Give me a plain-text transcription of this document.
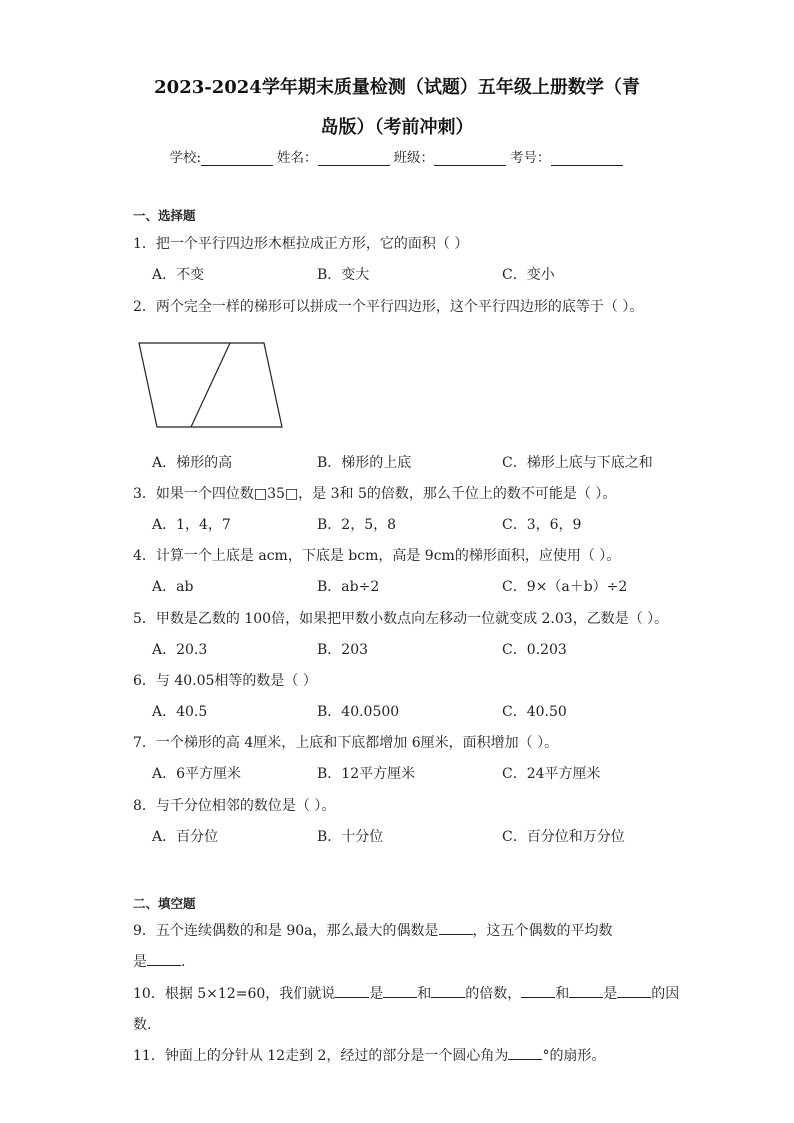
2023-2024学年期末质量检测（试题）五年级上册数学（青
岛版）（考前冲刺）
学校:	姓名：	班级：	考号：
一、选择题
1．把一个平行四边形木框拉成正方形，它的面积（ ）
A．不变	B．变大	C．变小
2．两个完全一样的梯形可以拼成一个平行四边形，这个平行四边形的底等于（ ）。
A．梯形的高	B．梯形的上底	C．梯形上底与下底之和
3．如果一个四位数□35□，是 3和 5的倍数，那么千位上的数不可能是（ ）。
A．1，4，7	B．2，5，8	C．3，6，9
4．计算一个上底是 acm，下底是 bcm，高是 9cm的梯形面积，应使用（ ）。
A．ab	B．ab÷2	C．9×（a＋b）÷2
5．甲数是乙数的 100倍，如果把甲数小数点向左移动一位就变成 2.03，乙数是（ ）。
A．20.3	B．203	C．0.203
6．与 40.05相等的数是（ ）
A．40.5	B．40.0500	C．40.50
7．一个梯形的高 4厘米，上底和下底都增加 6厘米，面积增加（ ）。
A．6平方厘米	B．12平方厘米	C．24平方厘米
8．与千分位相邻的数位是（ ）。
A．百分位	B．十分位	C．百分位和万分位
二、填空题
9．五个连续偶数的和是 90a，那么最大的偶数是 ，这五个偶数的平均数
是 .
10．根据 5×12=60，我们就说 是 和 的倍数， 和 是 的因
数.
11．钟面上的分针从 12走到 2，经过的部分是一个圆心角为 °的扇形。
